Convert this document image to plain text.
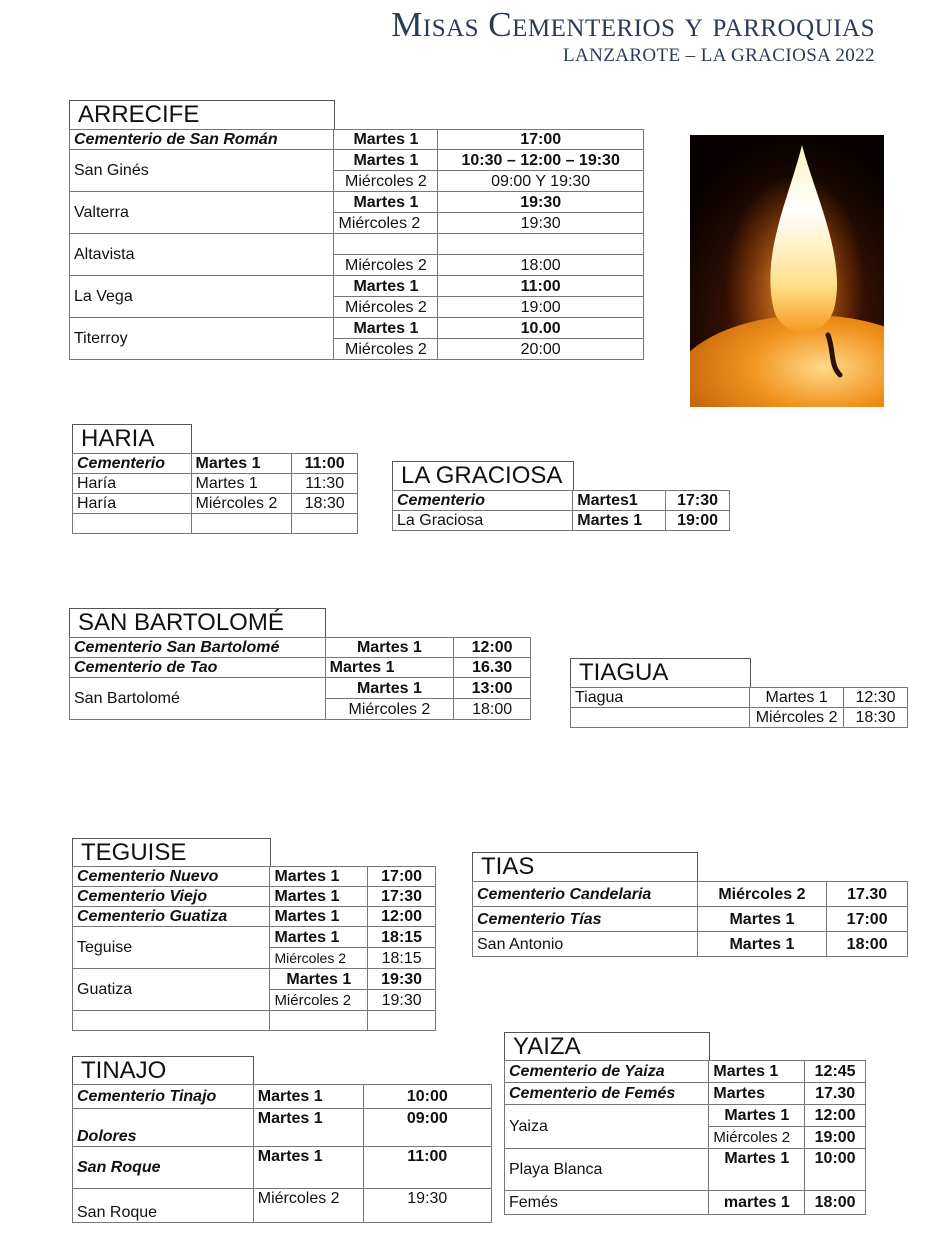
Misas Cementerios y parroquias
LANZAROTE – LA GRACIOSA 2022
ARRECIFE
Cementerio de San Román	Martes 1	17:00
San Ginés	Martes 1	10:30 – 12:00 – 19:30
	Miércoles 2	09:00 Y 19:30
Valterra	Martes 1	19:30
	Miércoles 2	19:30
Altavista		
	Miércoles 2	18:00
La Vega	Martes 1	11:00
	Miércoles 2	19:00
Titerroy	Martes 1	10.00
	Miércoles 2	20:00
HARIA
Cementerio	Martes 1	11:00
Haría	Martes 1	11:30
Haría	Miércoles 2	18:30

LA GRACIOSA
Cementerio	Martes1	17:30
La Graciosa	Martes 1	19:00
SAN BARTOLOMÉ
Cementerio San Bartolomé	Martes 1	12:00
Cementerio de Tao	Martes 1	16.30
San Bartolomé	Martes 1	13:00
	Miércoles 2	18:00
TIAGUA
Tiagua	Martes 1	12:30
	Miércoles 2	18:30
TEGUISE
Cementerio Nuevo	Martes 1	17:00
Cementerio Viejo	Martes 1	17:30
Cementerio Guatiza	Martes 1	12:00
Teguise	Martes 1	18:15
	Miércoles 2	18:15
Guatiza	Martes 1	19:30
	Miércoles 2	19:30

TIAS
Cementerio Candelaria	Miércoles 2	17.30
Cementerio Tías	Martes 1	17:00
San Antonio	Martes 1	18:00
TINAJO
Cementerio Tinajo	Martes 1	10:00
Dolores	Martes 1	09:00
San Roque	Martes 1	11:00
San Roque	Miércoles 2	19:30
YAIZA
Cementerio de Yaiza	Martes 1	12:45
Cementerio de Femés	Martes	17.30
Yaiza	Martes 1	12:00
	Miércoles 2	19:00
Playa Blanca	Martes 1	10:00
Femés	martes 1	18:00
